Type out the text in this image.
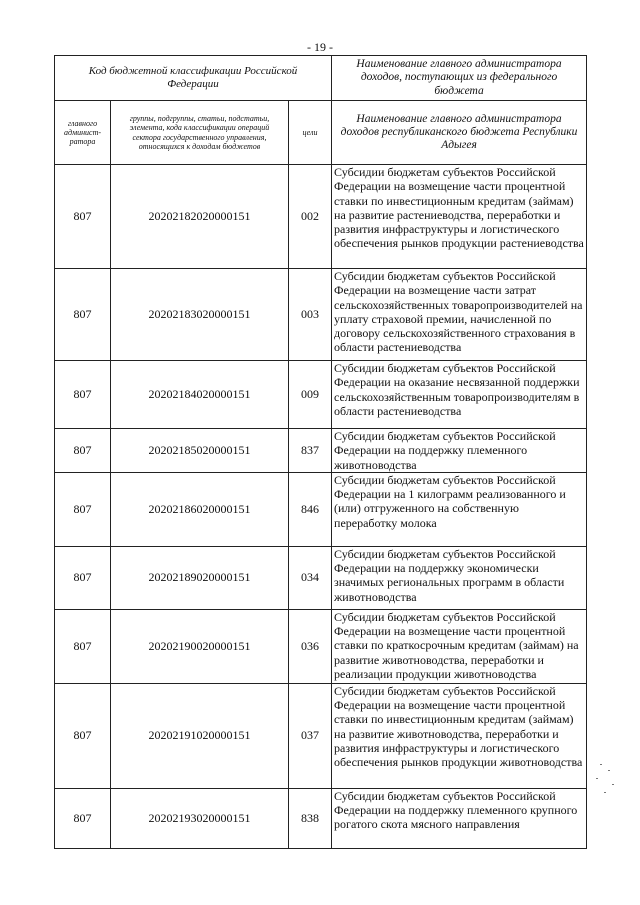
- 19 -
Код бюджетной классификации Российской Федерации			Наименование главного администратора доходов, поступающих из федерального бюджета
главного админист-ратора	группы, подгруппы, статьи, подстатьи, элемента, кода классификации операций сектора государственного управления, относящихся к доходам бюджетов	цели	Наименование главного администратора доходов республиканского бюджета Республики Адыгея
807	20202182020000151	002	Субсидии бюджетам субъектов Российской Федерации на возмещение части процентной ставки по инвестиционным кредитам (займам) на развитие растениеводства, переработки и развития инфраструктуры и логистического обеспечения рынков продукции растениеводства
807	20202183020000151	003	Субсидии бюджетам субъектов Российской Федерации на возмещение части затрат сельскохозяйственных товаропроизводителей на уплату страховой премии, начисленной по договору сельскохозяйственного страхования в области растениеводства
807	20202184020000151	009	Субсидии бюджетам субъектов Российской Федерации на оказание несвязанной поддержки сельскохозяйственным товаропроизводителям в области растениеводства
807	20202185020000151	837	Субсидии бюджетам субъектов Российской Федерации на поддержку племенного животноводства
807	20202186020000151	846	Субсидии бюджетам субъектов Российской Федерации на 1 килограмм реализованного и (или) отгруженного на собственную переработку молока
807	20202189020000151	034	Субсидии бюджетам субъектов Российской Федерации на поддержку экономически значимых региональных программ в области животноводства
807	20202190020000151	036	Субсидии бюджетам субъектов Российской Федерации на возмещение части процентной ставки по краткосрочным кредитам (займам) на развитие животноводства, переработки и реализации продукции животноводства
807	20202191020000151	037	Субсидии бюджетам субъектов Российской Федерации на возмещение части процентной ставки по инвестиционным кредитам (займам) на развитие животноводства, переработки и развития инфраструктуры и логистического обеспечения рынков продукции животноводства
807	20202193020000151	838	Субсидии бюджетам субъектов Российской Федерации на поддержку племенного крупного рогатого скота мясного направления
